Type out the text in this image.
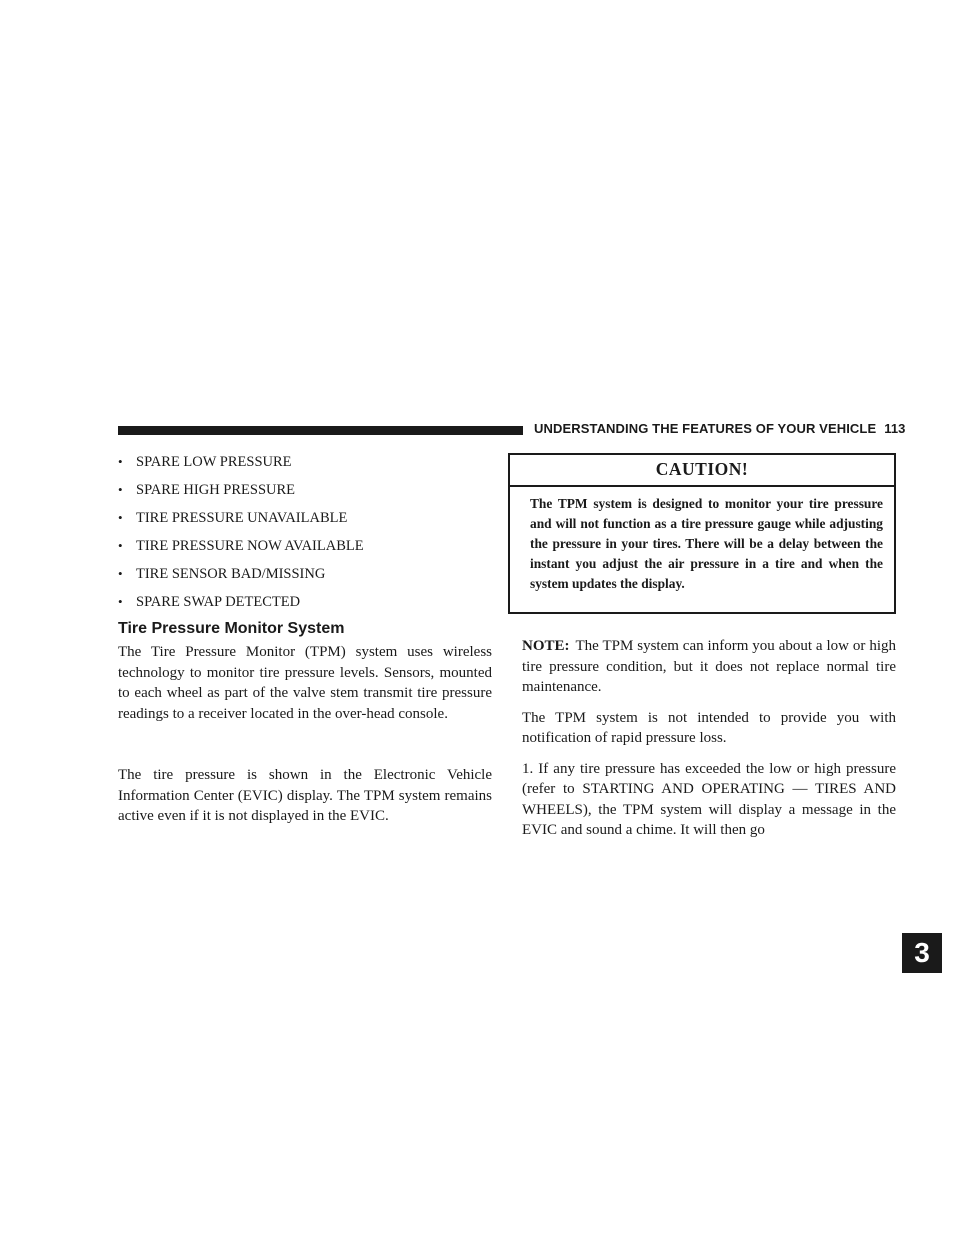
UNDERSTANDING THE FEATURES OF YOUR VEHICLE 113
3
• SPARE LOW PRESSURE
• SPARE HIGH PRESSURE
• TIRE PRESSURE UNAVAILABLE
• TIRE PRESSURE NOW AVAILABLE
• TIRE SENSOR BAD/MISSING
• SPARE SWAP DETECTED
Tire Pressure Monitor System

The Tire Pressure Monitor (TPM) system uses wireless technology to monitor tire pressure levels. Sensors, mounted to each wheel as part of the valve stem transmit tire pressure readings to a receiver located in the over-head console.

The tire pressure is shown in the Electronic Vehicle Information Center (EVIC) display. The TPM system remains active even if it is not displayed in the EVIC.

CAUTION!
The TPM system is designed to monitor your tire pressure and will not function as a tire pressure gauge while adjusting the pressure in your tires. There will be a delay between the instant you adjust the air pressure in a tire and when the system updates the display.

NOTE: The TPM system can inform you about a low or high tire pressure condition, but it does not replace normal tire maintenance.

The TPM system is not intended to provide you with notification of rapid pressure loss.

1. If any tire pressure has exceeded the low or high pressure (refer to STARTING AND OPERATING — TIRES AND WHEELS), the TPM system will display a message in the EVIC and sound a chime. It will then go
